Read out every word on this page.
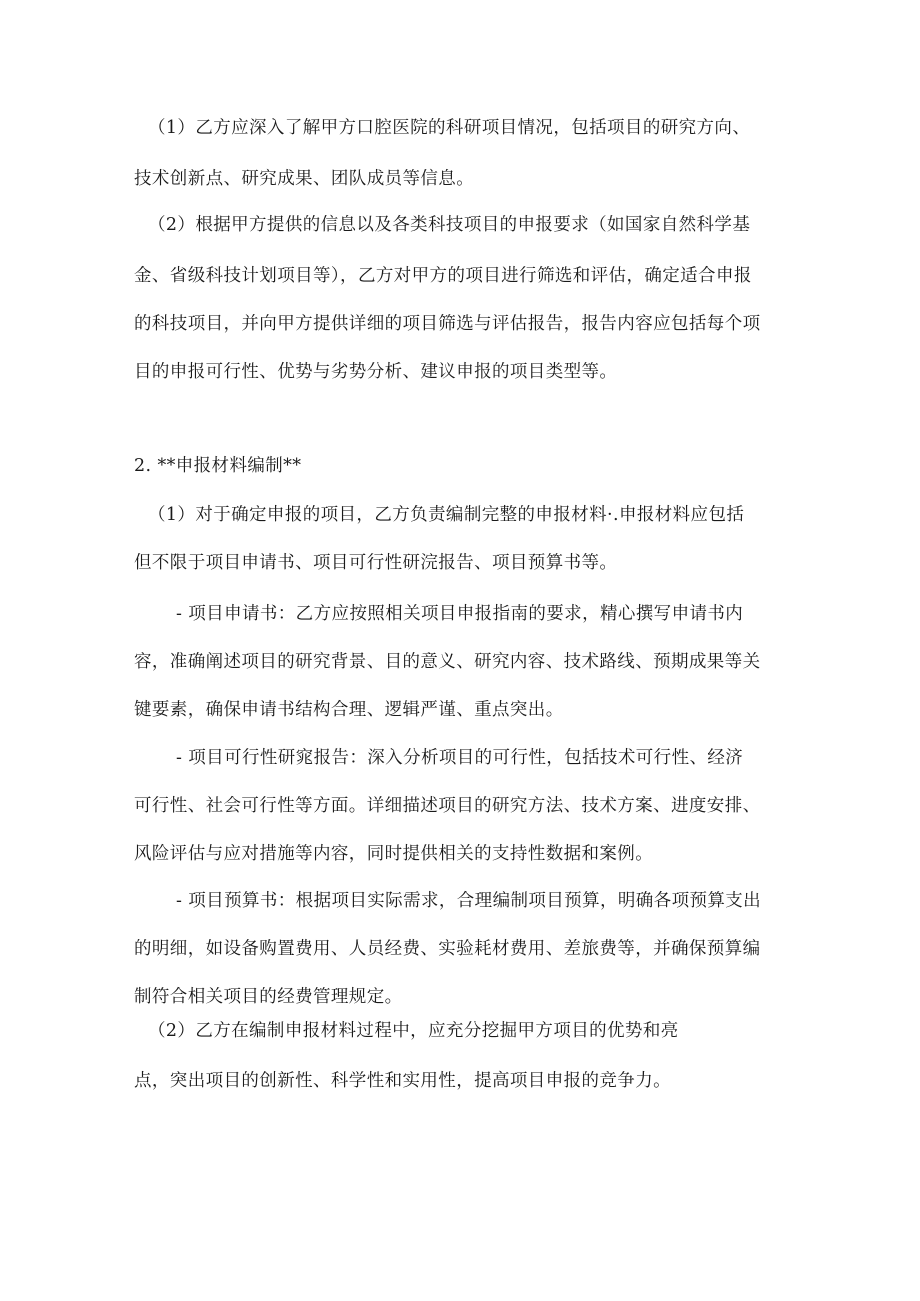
（1）乙方应深入了解甲方口腔医院的科研项目情况，包括项目的研究方向、
技术创新点、研究成果、团队成员等信息。
（2）根据甲方提供的信息以及各类科技项目的申报要求（如国家自然科学基
金、省级科技计划项目等），乙方对甲方的项目进行筛选和评估，确定适合申报
的科技项目，并向甲方提供详细的项目筛选与评估报告，报告内容应包括每个项
目的申报可行性、优势与劣势分析、建议申报的项目类型等。
2. **申报材料编制**
（1）对于确定申报的项目，乙方负责编制完整的申报材料·.申报材料应包括
但不限于项目申请书、项目可行性研浣报告、项目预算书等。
- 项目申请书：乙方应按照相关项目申报指南的要求，精心撰写申请书内
容，准确阐述项目的研究背景、目的意义、研究内容、技术路线、预期成果等关
键要素，确保申请书结构合理、逻辑严谨、重点突出。
- 项目可行性研窕报告：深入分析项目的可行性，包括技术可行性、经济
可行性、社会可行性等方面。详细描述项目的研究方法、技术方案、进度安排、
风险评估与应对措施等内容，同时提供相关的支持性数据和案例。
- 项目预算书：根据项目实际需求，合理编制项目预算，明确各项预算支出
的明细，如设备购置费用、人员经费、实验耗材费用、差旅费等，并确保预算编
制符合相关项目的经费管理规定。
（2）乙方在编制申报材料过程中，应充分挖掘甲方项目的优势和亮
点，突出项目的创新性、科学性和实用性，提高项目申报的竞争力。
